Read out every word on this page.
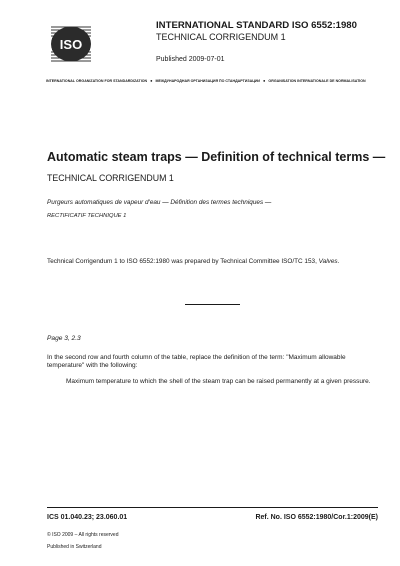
ISO
INTERNATIONAL STANDARD ISO 6552:1980
TECHNICAL CORRIGENDUM 1
Published 2009-07-01
INTERNATIONAL ORGANIZATION FOR STANDARDIZATION ● МЕЖДУНАРОДНАЯ ОРГАНИЗАЦИЯ ПО СТАНДАРТИЗАЦИИ ● ORGANISATION INTERNATIONALE DE NORMALISATION
Automatic steam traps — Definition of technical terms —
TECHNICAL CORRIGENDUM 1
Purgeurs automatiques de vapeur d'eau — Définition des termes techniques —
RECTIFICATIF TECHNIQUE 1
Technical Corrigendum 1 to ISO 6552:1980 was prepared by Technical Committee ISO/TC 153, Valves.
Page 3, 2.3
In the second row and fourth column of the table, replace the definition of the term: "Maximum allowable temperature" with the following:
Maximum temperature to which the shell of the steam trap can be raised permanently at a given pressure.
ICS 01.040.23; 23.060.01	Ref. No. ISO 6552:1980/Cor.1:2009(E)
© ISO 2009 – All rights reserved
Published in Switzerland
